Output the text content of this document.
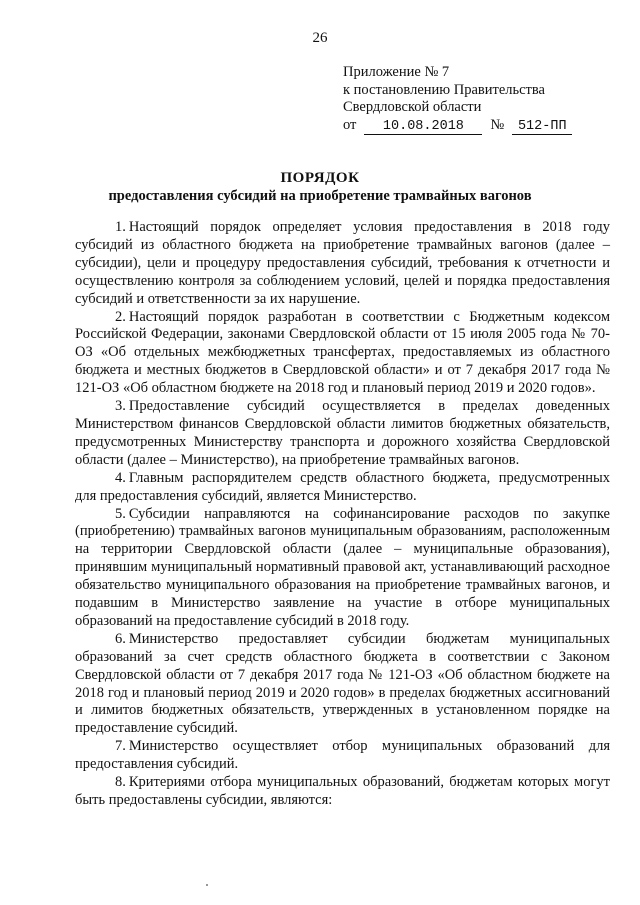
26
Приложение № 7
к постановлению Правительства
Свердловской области
от 10.08.2018 № 512-ПП
ПОРЯДОК
предоставления субсидий на приобретение трамвайных вагонов

1. Настоящий порядок определяет условия предоставления в 2018 году субсидий из областного бюджета на приобретение трамвайных вагонов (далее – субсидии), цели и процедуру предоставления субсидий, требования к отчетности и осуществлению контроля за соблюдением условий, целей и порядка предоставления субсидий и ответственности за их нарушение.

2. Настоящий порядок разработан в соответствии с Бюджетным кодексом Российской Федерации, законами Свердловской области от 15 июля 2005 года № 70-ОЗ «Об отдельных межбюджетных трансфертах, предоставляемых из областного бюджета и местных бюджетов в Свердловской области» и от 7 декабря 2017 года № 121-ОЗ «Об областном бюджете на 2018 год и плановый период 2019 и 2020 годов».

3. Предоставление субсидий осуществляется в пределах доведенных Министерством финансов Свердловской области лимитов бюджетных обязательств, предусмотренных Министерству транспорта и дорожного хозяйства Свердловской области (далее – Министерство), на приобретение трамвайных вагонов.

4. Главным распорядителем средств областного бюджета, предусмотренных для предоставления субсидий, является Министерство.

5. Субсидии направляются на софинансирование расходов по закупке (приобретению) трамвайных вагонов муниципальным образованиям, расположенным на территории Свердловской области (далее – муниципальные образования), принявшим муниципальный нормативный правовой акт, устанавливающий расходное обязательство муниципального образования на приобретение трамвайных вагонов, и подавшим в Министерство заявление на участие в отборе муниципальных образований на предоставление субсидий в 2018 году.

6. Министерство предоставляет субсидии бюджетам муниципальных образований за счет средств областного бюджета в соответствии с Законом Свердловской области от 7 декабря 2017 года № 121-ОЗ «Об областном бюджете на 2018 год и плановый период 2019 и 2020 годов» в пределах бюджетных ассигнований и лимитов бюджетных обязательств, утвержденных в установленном порядке на предоставление субсидий.

7. Министерство осуществляет отбор муниципальных образований для предоставления субсидий.

8. Критериями отбора муниципальных образований, бюджетам которых могут быть предоставлены субсидии, являются:
